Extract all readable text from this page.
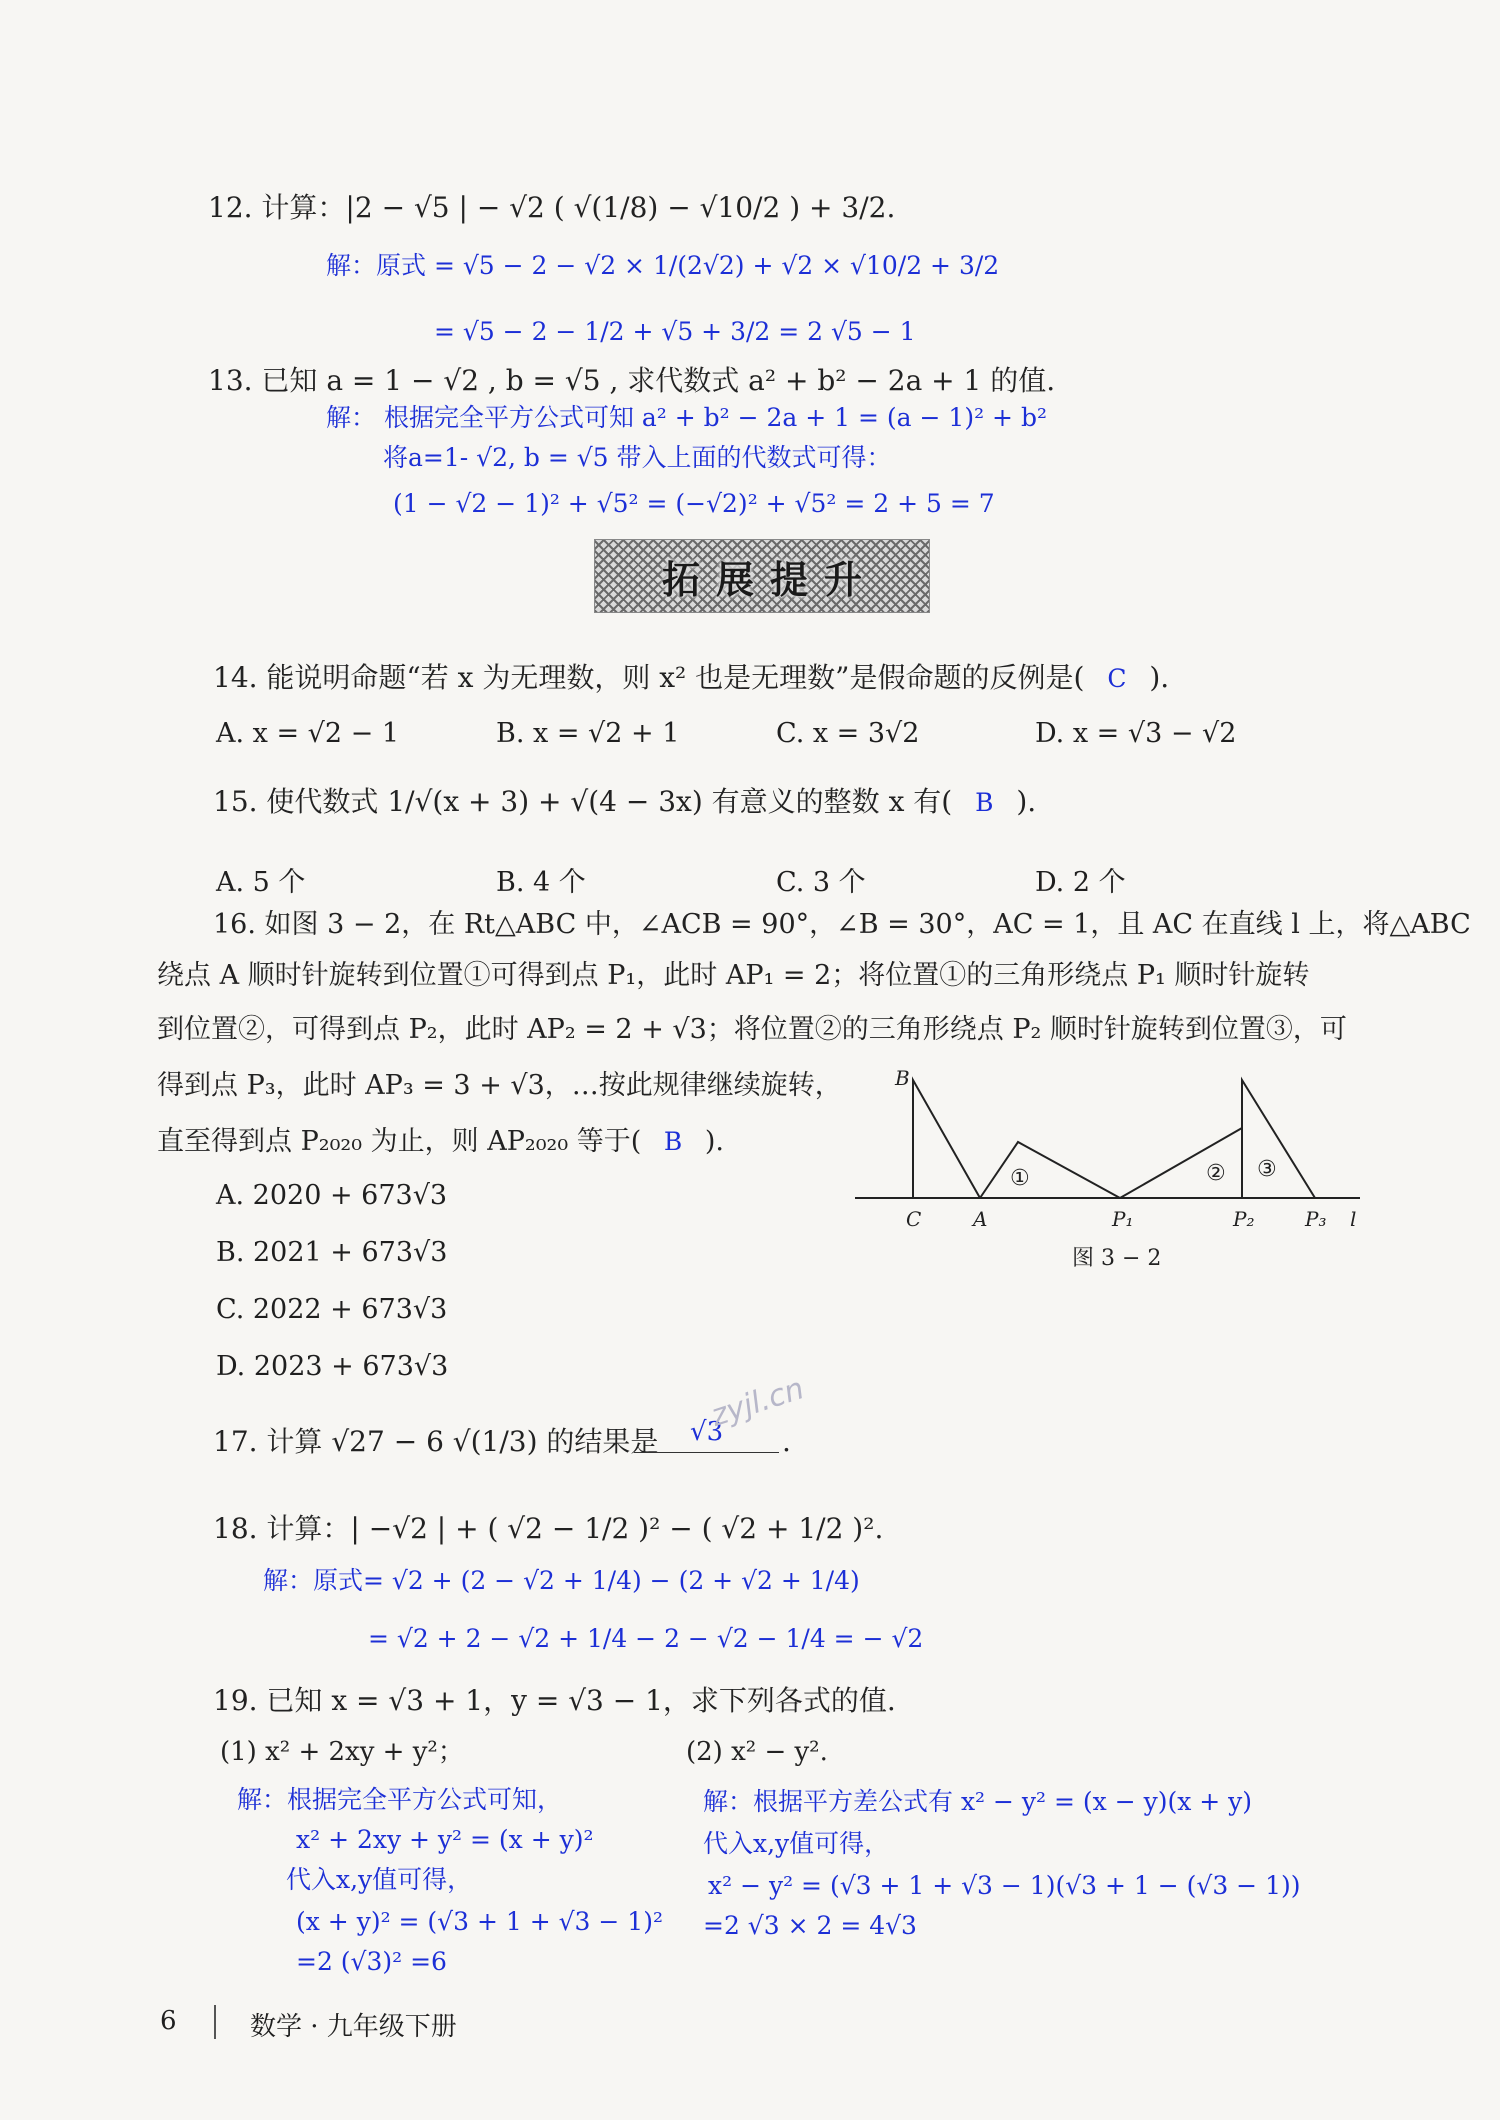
12. 计算：|2 − √5 | − √2 ( √(1/8) − √10/2 ) + 3/2.
解：原式 = √5 − 2 − √2 × 1/(2√2) + √2 × √10/2 + 3/2
= √5 − 2 − 1/2 + √5 + 3/2 = 2 √5 − 1
13. 已知 a = 1 − √2 , b = √5 , 求代数式 a² + b² − 2a + 1 的值.
解： 根据完全平方公式可知 a² + b² − 2a + 1 = (a − 1)² + b²
将a=1- √2, b = √5 带入上面的代数式可得：
(1 − √2 − 1)² + √5² = (−√2)² + √5² = 2 + 5 = 7
拓展提升
14. 能说明命题“若 x 为无理数，则 x² 也是无理数”是假命题的反例是( C ).
A. x = √2 − 1	B. x = √2 + 1	C. x = 3√2	D. x = √3 − √2
15. 使代数式 1/√(x + 3) + √(4 − 3x) 有意义的整数 x 有( B ).
A. 5 个	B. 4 个	C. 3 个	D. 2 个
16. 如图 3 − 2，在 Rt△ABC 中，∠ACB = 90°，∠B = 30°，AC = 1，且 AC 在直线 l 上，将△ABC
绕点 A 顺时针旋转到位置①可得到点 P₁，此时 AP₁ = 2；将位置①的三角形绕点 P₁ 顺时针旋转
到位置②，可得到点 P₂，此时 AP₂ = 2 + √3；将位置②的三角形绕点 P₂ 顺时针旋转到位置③，可
得到点 P₃，此时 AP₃ = 3 + √3，…按此规律继续旋转，
直至得到点 P₂₀₂₀ 为止，则 AP₂₀₂₀ 等于( B ).
A. 2020 + 673√3
B. 2021 + 673√3
C. 2022 + 673√3
D. 2023 + 673√3
B
C	A	P₁	P₂	P₃ l
①	② ③
图 3 − 2
17. 计算 √27 − 6 √(1/3) 的结果是 √3 .
zyjl.cn
18. 计算：| −√2 | + ( √2 − 1/2 )² − ( √2 + 1/2 )².
解：原式= √2 + (2 − √2 + 1/4) − (2 + √2 + 1/4)
= √2 + 2 − √2 + 1/4 − 2 − √2 − 1/4 = − √2
19. 已知 x = √3 + 1，y = √3 − 1，求下列各式的值.
(1) x² + 2xy + y²；	(2) x² − y².
解：根据完全平方公式可知，
x² + 2xy + y² = (x + y)²
代入x,y值可得，
(x + y)² = (√3 + 1 + √3 − 1)²
=2 (√3)² =6
解：根据平方差公式有 x² − y² = (x − y)(x + y)
代入x,y值可得，
x² − y² = (√3 + 1 + √3 − 1)(√3 + 1 − (√3 − 1))
=2 √3 × 2 = 4√3
6	数学 · 九年级下册
